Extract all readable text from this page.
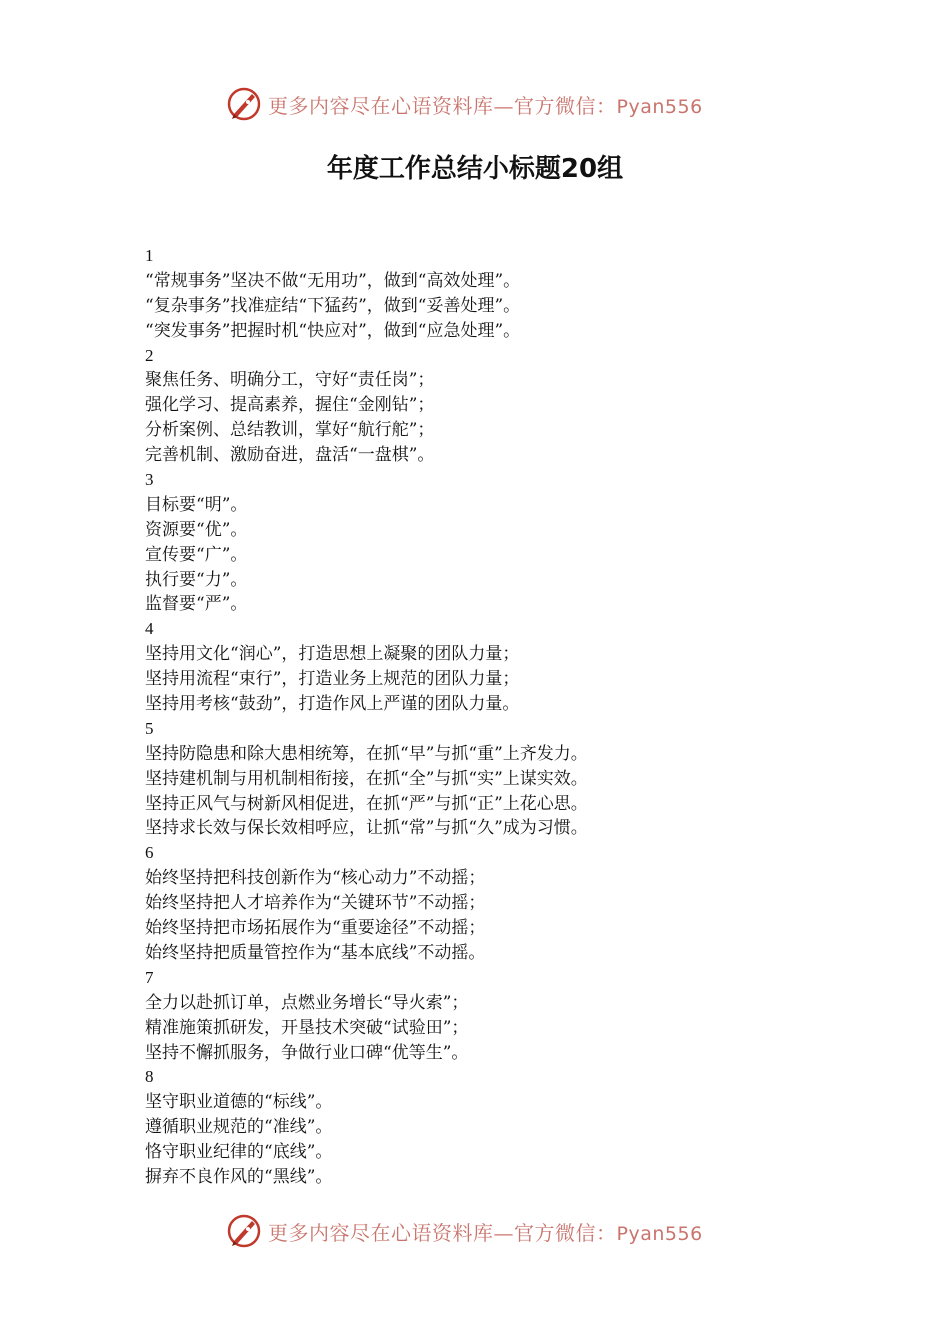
更多内容尽在心语资料库—官方微信：Pyan556
年度工作总结小标题20组
1
“常规事务”坚决不做“无用功”，做到“高效处理”。
“复杂事务”找准症结“下猛药”，做到“妥善处理”。
“突发事务”把握时机“快应对”，做到“应急处理”。
2
聚焦任务、明确分工，守好“责任岗”；
强化学习、提高素养，握住“金刚钻”；
分析案例、总结教训，掌好“航行舵”；
完善机制、激励奋进，盘活“一盘棋”。
3
目标要“明”。
资源要“优”。
宣传要“广”。
执行要“力”。
监督要“严”。
4
坚持用文化“润心”，打造思想上凝聚的团队力量；
坚持用流程“束行”，打造业务上规范的团队力量；
坚持用考核“鼓劲”，打造作风上严谨的团队力量。
5
坚持防隐患和除大患相统筹，在抓“早”与抓“重”上齐发力。
坚持建机制与用机制相衔接，在抓“全”与抓“实”上谋实效。
坚持正风气与树新风相促进，在抓“严”与抓“正”上花心思。
坚持求长效与保长效相呼应，让抓“常”与抓“久”成为习惯。
6
始终坚持把科技创新作为“核心动力”不动摇；
始终坚持把人才培养作为“关键环节”不动摇；
始终坚持把市场拓展作为“重要途径”不动摇；
始终坚持把质量管控作为“基本底线”不动摇。
7
全力以赴抓订单，点燃业务增长“导火索”；
精准施策抓研发，开垦技术突破“试验田”；
坚持不懈抓服务，争做行业口碑“优等生”。
8
坚守职业道德的“标线”。
遵循职业规范的“准线”。
恪守职业纪律的“底线”。
摒弃不良作风的“黑线”。
更多内容尽在心语资料库—官方微信：Pyan556
